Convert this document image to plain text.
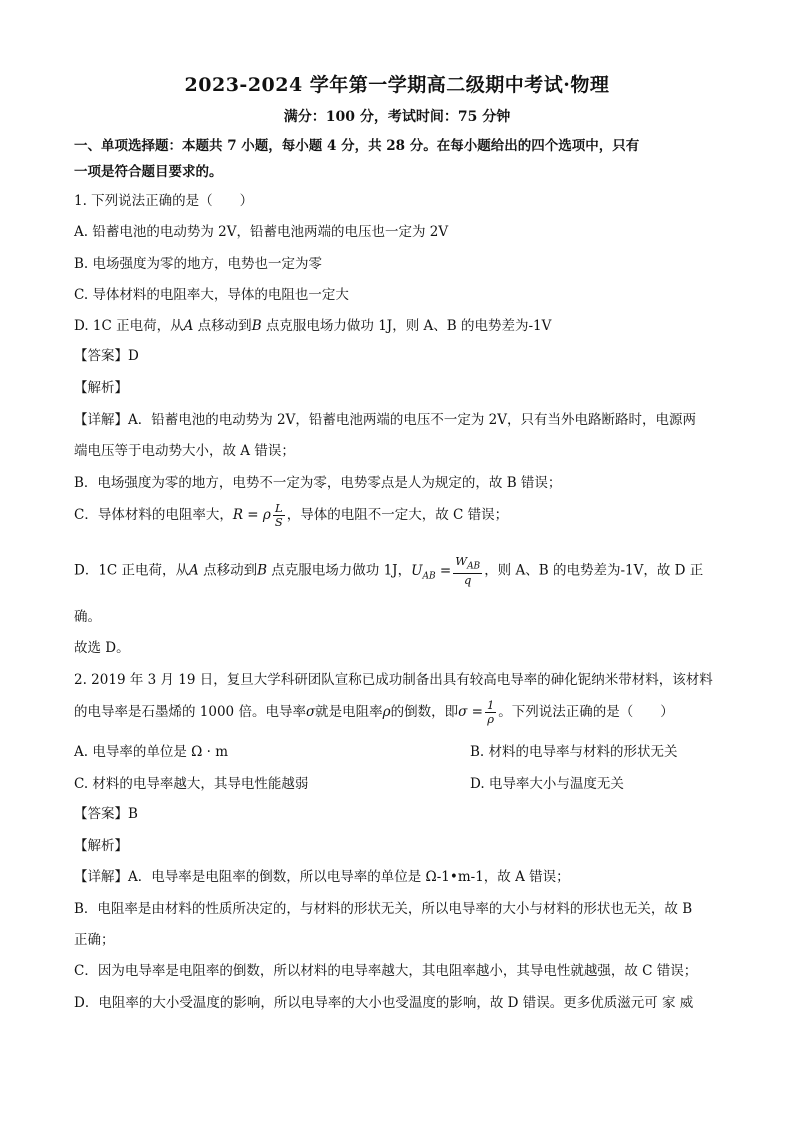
2023-2024 学年第一学期高二级期中考试·物理
满分：100 分，考试时间：75 分钟
一、单项选择题：本题共 7 小题，每小题 4 分，共 28 分。在每小题给出的四个选项中，只有
一项是符合题目要求的。
1. 下列说法正确的是（　　）
A. 铅蓄电池的电动势为 2V，铅蓄电池两端的电压也一定为 2V
B. 电场强度为零的地方，电势也一定为零
C. 导体材料的电阻率大，导体的电阻也一定大
D. 1C 正电荷，从A 点移动到B 点克服电场力做功 1J，则 A、B 的电势差为-1V
【答案】D
【解析】
【详解】A．铅蓄电池的电动势为 2V，铅蓄电池两端的电压不一定为 2V，只有当外电路断路时，电源两
端电压等于电动势大小，故 A 错误；
B．电场强度为零的地方，电势不一定为零，电势零点是人为规定的，故 B 错误；
C．导体材料的电阻率大，R = ρ $\frac{L}{S}$ ，导体的电阻不一定大，故 C 错误；
D．1C 正电荷，从A 点移动到B 点克服电场力做功 1J，$U_{AB} = \frac{W_{AB}}{q}$ ，则 A、B 的电势差为-1V，故 D 正
确。
故选 D。
2. 2019 年 3 月 19 日，复旦大学科研团队宣称已成功制备出具有较高电导率的砷化铌纳米带材料，该材料
的电导率是石墨烯的 1000 倍。电导率σ就是电阻率ρ的倒数，即$\sigma = \frac{1}{\rho}$ 。下列说法正确的是（　　）
A. 电导率的单位是 Ω · m	B. 材料的电导率与材料的形状无关
C. 材料的电导率越大，其导电性能越弱	D. 电导率大小与温度无关
【答案】B
【解析】
【详解】A．电导率是电阻率的倒数，所以电导率的单位是 Ω-1•m-1，故 A 错误；
B．电阻率是由材料的性质所决定的，与材料的形状无关，所以电导率的大小与材料的形状也无关，故 B
正确；
C．因为电导率是电阻率的倒数，所以材料的电导率越大，其电阻率越小，其导电性就越强，故 C 错误；
D．电阻率的大小受温度的影响，所以电导率的大小也受温度的影响，故 D 错误。更多优质滋元可 家 威
